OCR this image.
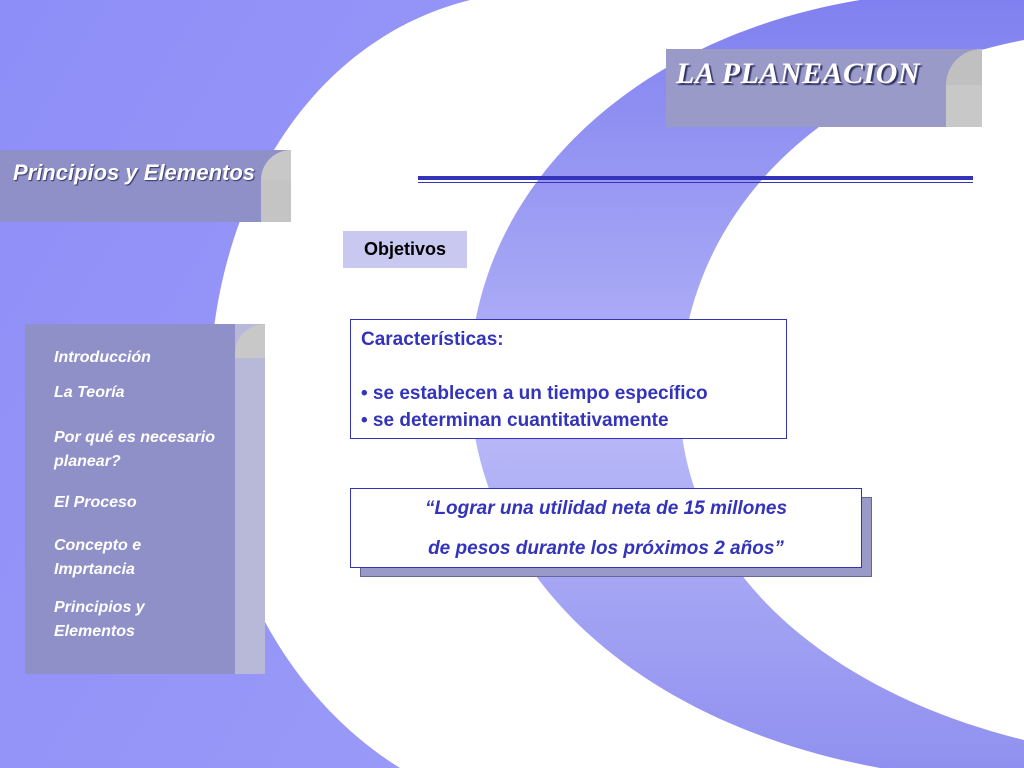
LA PLANEACION
Principios y Elementos
Introducción
La Teoría
Por qué es necesario planear?
El Proceso
Concepto e Imprtancia
Principios y Elementos
Objetivos
Características:
• se establecen a un tiempo específico
• se determinan cuantitativamente
“Lograr una utilidad neta de 15 millones
de pesos durante los próximos 2 años”
